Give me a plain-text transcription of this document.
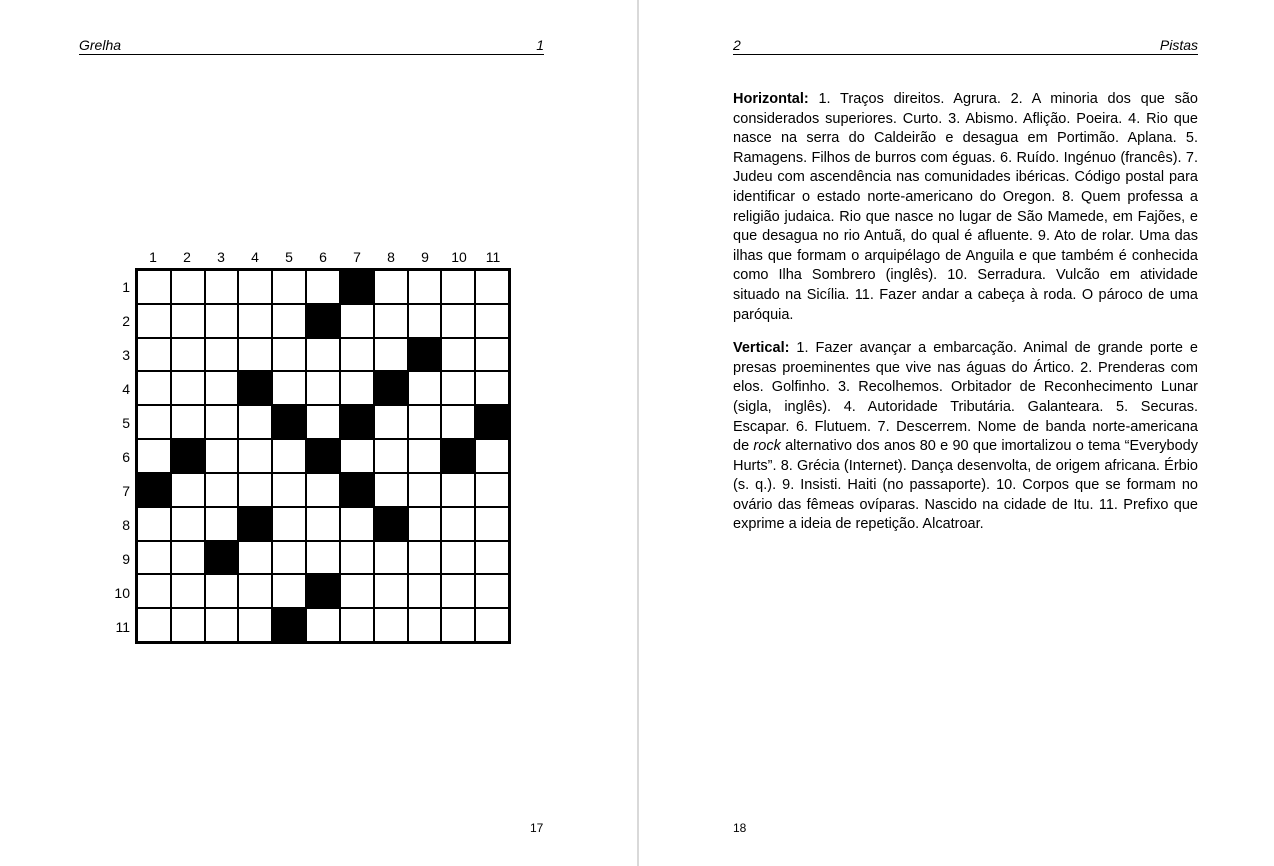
Grelha	1
1	2	3	4	5	6	7	8	9	10	11
1
2
3
4
5
6
7
8
9
10
11
17
2	Pistas

Horizontal: 1. Traços direitos. Agrura. 2. A minoria dos que são considerados superiores. Curto. 3. Abismo. Aflição. Poeira. 4. Rio que nasce na serra do Caldeirão e desagua em Portimão. Aplana. 5. Ramagens. Filhos de burros com éguas. 6. Ruído. Ingénuo (francês). 7. Judeu com ascendência nas comunidades ibéricas. Código postal para identificar o estado norte-americano do Oregon. 8. Quem professa a religião judaica. Rio que nasce no lugar de São Mamede, em Fajões, e que desagua no rio Antuã, do qual é afluente. 9. Ato de rolar. Uma das ilhas que formam o arquipélago de Anguila e que também é conhecida como Ilha Sombrero (inglês). 10. Serradura. Vulcão em atividade situado na Sicília. 11. Fazer andar a cabeça à roda. O pároco de uma paróquia.

Vertical: 1. Fazer avançar a embarcação. Animal de grande porte e presas proeminentes que vive nas águas do Ártico. 2. Prenderas com elos. Golfinho. 3. Recolhemos. Orbitador de Reconhecimento Lunar (sigla, inglês). 4. Autoridade Tributária. Galanteara. 5. Securas. Escapar. 6. Flutuem. 7. Descerrem. Nome de banda norte-americana de rock alternativo dos anos 80 e 90 que imortalizou o tema “Everybody Hurts”. 8. Grécia (Internet). Dança desenvolta, de origem africana. Érbio (s. q.). 9. Insisti. Haiti (no passaporte). 10. Corpos que se formam no ovário das fêmeas ovíparas. Nascido na cidade de Itu. 11. Prefixo que exprime a ideia de repetição. Alcatroar.

18
